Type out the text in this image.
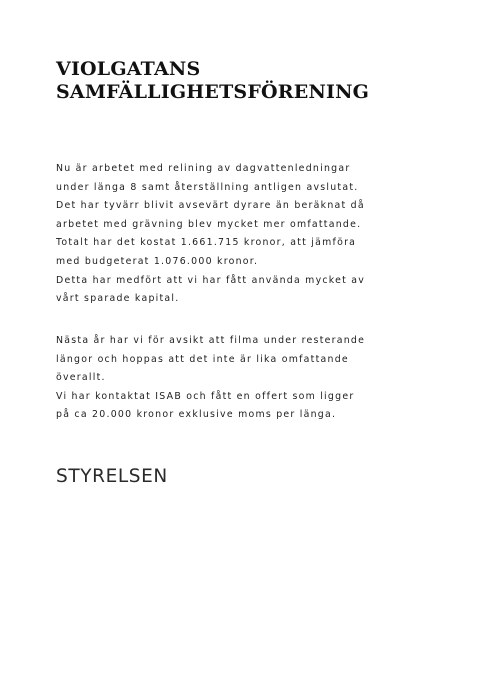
VIOLGATANS
SAMFÄLLIGHETSFÖRENING

Nu är arbetet med relining av dagvattenledningar
under länga 8 samt återställning antligen avslutat.
Det har tyvärr blivit avsevärt dyrare än beräknat då
arbetet med grävning blev mycket mer omfattande.
Totalt har det kostat 1.661.715 kronor, att jämföra
med budgeterat 1.076.000 kronor.
Detta har medfört att vi har fått använda mycket av
vårt sparade kapital.

Nästa år har vi för avsikt att filma under resterande
längor och hoppas att det inte är lika omfattande
överallt.
Vi har kontaktat ISAB och fått en offert som ligger
på ca 20.000 kronor exklusive moms per länga.

STYRELSEN
